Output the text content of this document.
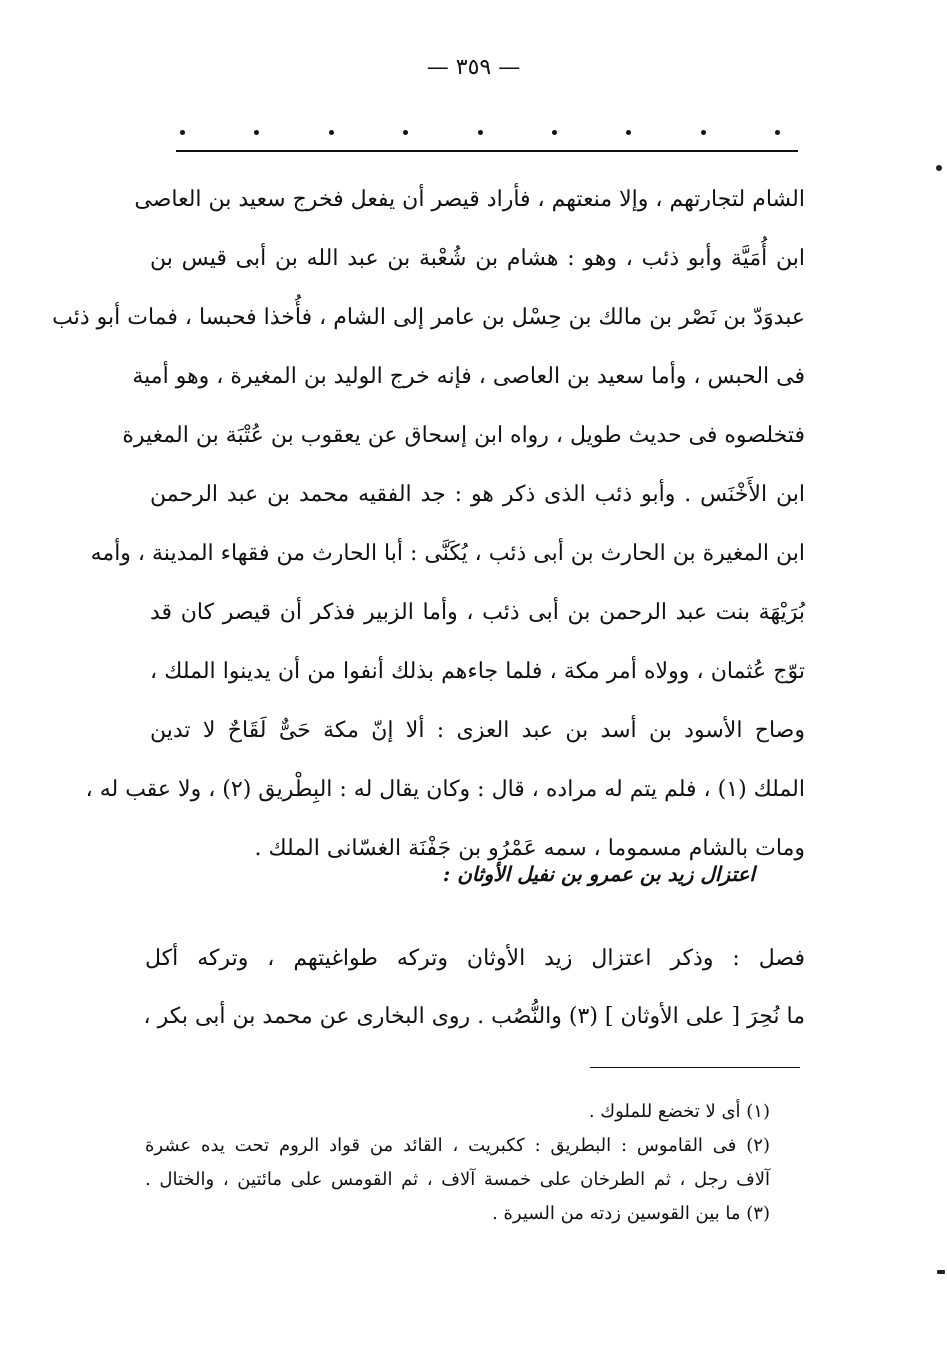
— ٣٥٩ —
الشام لتجارتهم ، وإلا منعتهم ، فأراد قيصر أن يفعل فخرج سعيد بن العاصى
ابن أُمَيَّة وأبو ذئب ، وهو : هشام بن شُعْبة بن عبد الله بن أبى قيس بن
عبدوَدّ بن نَصْر بن مالك بن حِسْل بن عامر إلى الشام ، فأُخذا فحبسا ، فمات أبو ذئب
فى الحبس ، وأما سعيد بن العاصى ، فإنه خرج الوليد بن المغيرة ، وهو أمية
فتخلصوه فى حديث طويل ، رواه ابن إسحاق عن يعقوب بن عُتْبَة بن المغيرة
ابن الأَخْنَس . وأبو ذئب الذى ذكر هو : جد الفقيه محمد بن عبد الرحمن
ابن المغيرة بن الحارث بن أبى ذئب ، يُكَنَّى : أبا الحارث من فقهاء المدينة ، وأمه
بُرَيْهَة بنت عبد الرحمن بن أبى ذئب ، وأما الزبير فذكر أن قيصر كان قد
توّج عُثمان ، وولاه أمر مكة ، فلما جاءهم بذلك أنفوا من أن يدينوا الملك ،
وصاح الأسود بن أسد بن عبد العزى : ألا إنّ مكة حَىٌّ لَقَاحٌ لا تدين
الملك (١) ، فلم يتم له مراده ، قال : وكان يقال له : البِطْريق (٢) ، ولا عقب له ،
ومات بالشام مسموما ، سمه عَمْرُو بن جَفْنَة الغسّانى الملك .
اعتزال زيد بن عمرو بن نفيل الأوثان :
فصل : وذكر اعتزال زيد الأوثان وتركه طواغيتهم ، وتركه أكل
ما نُحِرَ [ على الأوثان ] (٣) والنُّصُب . روى البخارى عن محمد بن أبى بكر ،
(١) أى لا تخضع للملوك .
(٢) فى القاموس : البطريق : ككبريت ، القائد من قواد الروم تحت يده عشرة
آلاف رجل ، ثم الطرخان على خمسة آلاف ، ثم القومس على مائتين ، والختال .
(٣) ما بين القوسين زدته من السيرة .
